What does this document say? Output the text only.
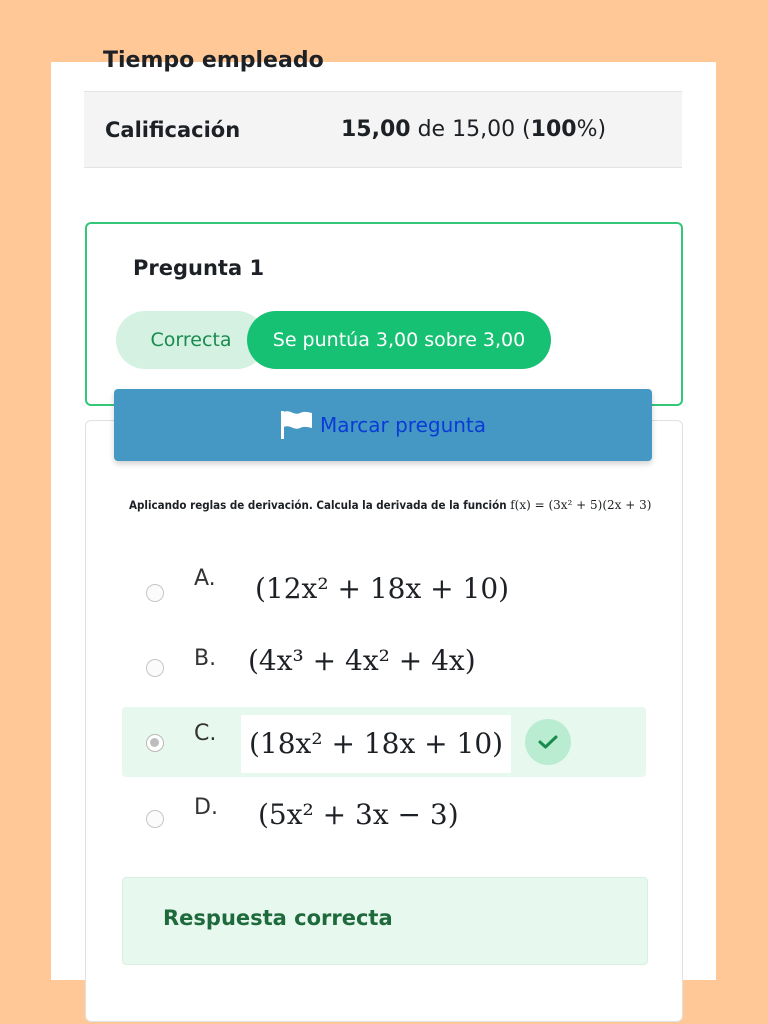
Tiempo empleado
Calificación	15,00 de 15,00 (100%)
Pregunta 1
Correcta	Se puntúa 3,00 sobre 3,00
Marcar pregunta
Aplicando reglas de derivación. Calcula la derivada de la función f(x) = (3x² + 5)(2x + 3)
A. (12x² + 18x + 10)
B. (4x³ + 4x² + 4x)
C. (18x² + 18x + 10)
D. (5x² + 3x − 3)
Respuesta correcta
